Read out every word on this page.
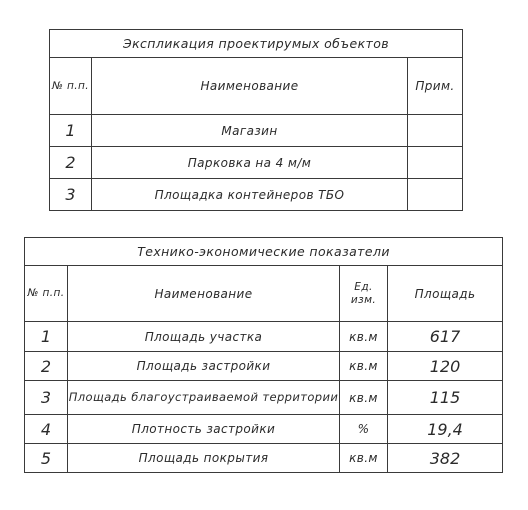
Экспликация проектирумых объектов		
№ п.п.	Наименование	Прим.
1	Магазин	
2	Парковка на 4 м/м	
3	Площадка контейнеров ТБО	
Технико-экономические показатели			
№ п.п.	Наименование	Ед. изм.	Площадь
1	Площадь участка	кв.м	617
2	Площадь застройки	кв.м	120
3	Площадь благоустраиваемой территории	кв.м	115
4	Плотность застройки	%	19,4
5	Площадь покрытия	кв.м	382
